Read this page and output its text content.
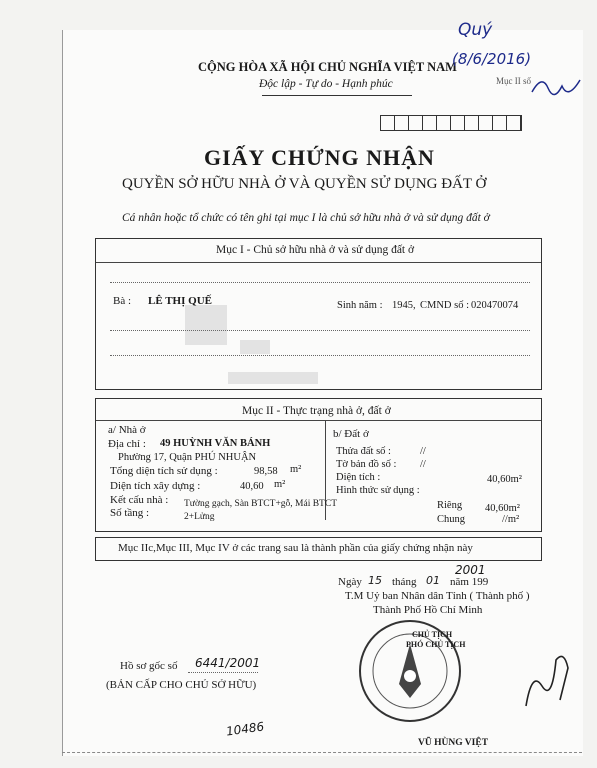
CỘNG HÒA XÃ HỘI CHỦ NGHĨA VIỆT NAM
Độc lập - Tự do - Hạnh phúc	Mục II số
Quý
(8/6/2016)
GIẤY CHỨNG NHẬN
QUYỀN SỞ HỮU NHÀ Ở VÀ QUYỀN SỬ DỤNG ĐẤT Ở
Cá nhân hoặc tổ chức có tên ghi tại mục I là chủ sở hữu nhà ở và sử dụng đất ở
Mục I - Chủ sở hữu nhà ở và sử dụng đất ở
Bà : LÊ THỊ QUẾ	Sinh năm : 1945, CMND số : 020470074
Mục II - Thực trạng nhà ở, đất ở
a/ Nhà ở
Địa chỉ : 49 HUỲNH VĂN BÁNH
Phường 17, Quận PHÚ NHUẬN
Tổng diện tích sử dụng :	98,58 m²
Diện tích xây dựng :	40,60 m²
Kết cấu nhà : Tường gạch, Sàn BTCT+gỗ, Mái BTCT
Số tầng :	2+Lửng
b/ Đất ở
Thửa đất số :	//
Tờ bản đồ số : //
Diện tích :	40,60m²
Hình thức sử dụng :
Riêng 40,60m²
Chung	//m²
Mục IIc,Mục III, Mục IV ở các trang sau là thành phần của giấy chứng nhận này
2001
Ngày 15 tháng 01 năm 199
T.M Uỷ ban Nhân dân Tỉnh ( Thành phố )
Thành Phố Hồ Chí Minh
CHỦ TỊCH
PHÓ CHỦ TỊCH
VŨ HÙNG VIỆT
Hồ sơ gốc số 6441/2001
(BẢN CẤP CHO CHỦ SỞ HỮU)
10486
